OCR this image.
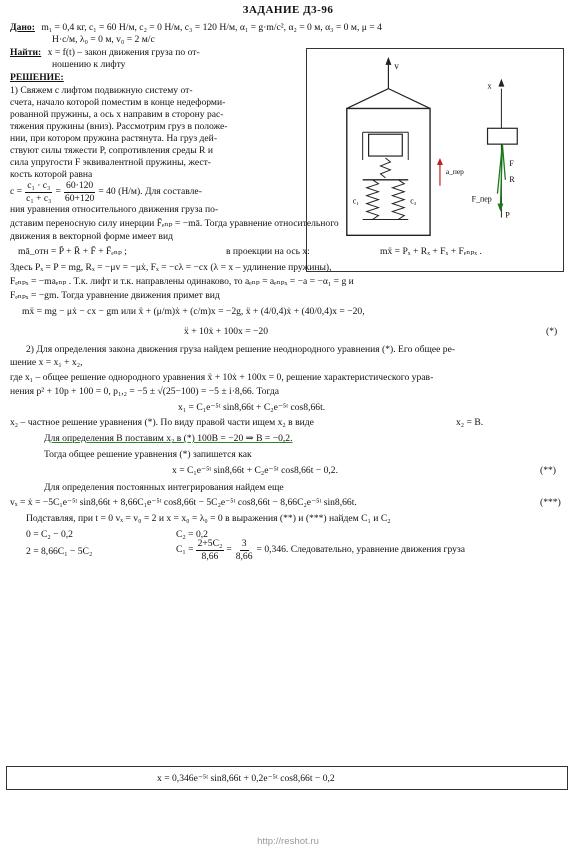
ЗАДАНИЕ Д3-96
Дано: m₁ = 0,4 кг, c₁ = 60 Н/м, c₂ = 0 Н/м, c₃ = 120 Н/м, α₁ = g·m/c², α₂ = 0 м, α₃ = 0 м, μ = 4
Н·с/м, λ₀ = 0 м, v₀ = 2 м/с
Найти: x = f(t) – закон движения груза по от-
ношению к лифту
РЕШЕНИЕ:
1) Свяжем с лифтом подвижную систему от-
счета, начало которой поместим в конце недеформи-
рованной пружины, а ось x направим в сторону рас-
тяжения пружины (вниз). Рассмотрим груз в положе-
нии, при котором пружина растянута. На груз дей-
ствуют силы тяжести P, сопротивления среды R и
сила упругости F эквивалентной пружины, жест-
кость которой равна
$c = \frac{\text{c₁ · c₃}}{\text{c₁ + c₃}} = \frac{60\cdot 120}{60+120} = 40$ (Н/м). Для составле-
v
c₁	c₃
a_пер
x
F
R
F_пер
P
ния уравнения относительного движения груза по-
дставим переносную силу инерции F̄ₑₙₚ = −mā. Тогда уравнение относительного
движения в векторной форме имеет вид
mā_отн = P̄ + R̄ + F̄ + F̄ₑₙₚ ;	в проекции на ось x:	mẍ = Pₓ + Rₓ + Fₓ + Fₑₙₚₓ .
Здесь Pₓ = P = mg, Rₓ = −μv = −μẋ, Fₓ = −cλ = −cx (λ = x – удлинение пружины),
Fₑₙₚₓ = −maₑₙₚ . Т.к. лифт и т.к. направлены одинаково, то aₑₙₚ = aₑₙₚₓ = −a = −α₁ = g и
Fₑₙₚₓ = −gm. Тогда уравнение движения примет вид
mẍ = mg − μẋ − cx − gm или ẍ + (μ/m)ẋ + (c/m)x = −2g, ẍ + (4/0,4)ẋ + (40/0,4)x = −20,
ẍ + 10ẋ + 100x = −20	(*)
2) Для определения закона движения груза найдем решение неоднородного уравнения (*). Его общее ре-
шение x = x₁ + x₂,
где x₁ – общее решение однородного уравнения ẍ + 10ẋ + 100x = 0, решение характеристического урав-
нения p² + 10p + 100 = 0, p₁,₂ = −5 ± √(25−100) = −5 ± i·8,66. Тогда
x₁ = C₁e⁻⁵ᵗ sin8,66t + C₂e⁻⁵ᵗ cos8,66t.
x₂ – частное решение уравнения (*). По виду правой части ищем x₂ в виде	x₂ = B.
Для определения B поставим x₂ в (*) 100B = −20 ⇒ B = −0,2.
Тогда общее решение уравнения (*) запишется как
x = C₁e⁻⁵ᵗ sin8,66t + C₂e⁻⁵ᵗ cos8,66t − 0,2.	(**)
Для определения постоянных интегрирования найдем еще
vₓ = ẋ = −5C₁e⁻⁵ᵗ sin8,66t + 8,66C₁e⁻⁵ᵗ cos8,66t − 5C₂e⁻⁵ᵗ cos8,66t − 8,66C₂e⁻⁵ᵗ sin8,66t.	(***)
Подставляя, при t = 0 vₓ = v₀ = 2 и x = x₀ = λ₀ = 0 в выражения (**) и (***) найдем C₁ и C₂
0 = C₂ − 0,2	C₂ = 0,2
2 = 8,66C₁ − 5C₂	$C_1 = \frac{\text{2+5C₂}}{8,66} = \frac{3}{8,66} = 0,346$. Следовательно, уравнение движения груза
x = 0,346e⁻⁵ᵗ sin8,66t + 0,2e⁻⁵ᵗ cos8,66t − 0,2
http://reshot.ru
